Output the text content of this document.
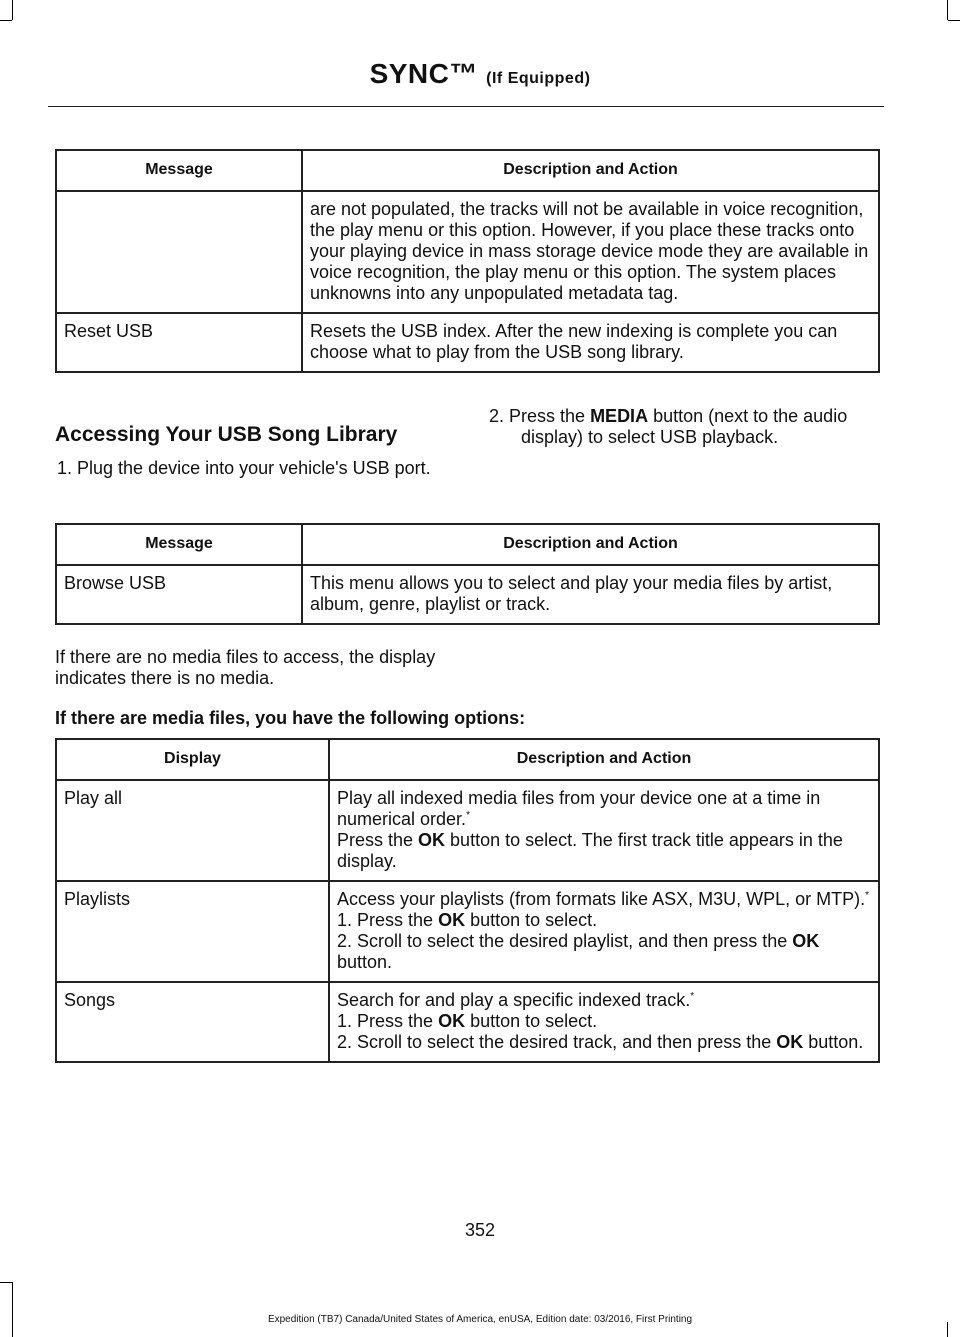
SYNC™ (If Equipped)
Message	Description and Action
	are not populated, the tracks will not be available in voice recognition, the play menu or this option. However, if you place these tracks onto your playing device in mass storage device mode they are available in voice recognition, the play menu or this option. The system places unknowns into any unpopulated metadata tag.
Reset USB	Resets the USB index. After the new indexing is complete you can choose what to play from the USB song library.
Accessing Your USB Song Library
1. Plug the device into your vehicle's USB port.
2. Press the MEDIA button (next to the audio display) to select USB playback.
Message	Description and Action
Browse USB	This menu allows you to select and play your media files by artist, album, genre, playlist or track.
If there are no media files to access, the display indicates there is no media.
If there are media files, you have the following options:
Display	Description and Action
Play all	Play all indexed media files from your device one at a time in numerical order.*
Press the OK button to select. The first track title appears in the display.

Playlists	Access your playlists (from formats like ASX, M3U, WPL, or MTP).*
1. Press the OK button to select.
2. Scroll to select the desired playlist, and then press the OK button.

Songs	Search for and play a specific indexed track.*
1. Press the OK button to select.
2. Scroll to select the desired track, and then press the OK button.
352
Expedition (TB7) Canada/United States of America, enUSA, Edition date: 03/2016, First Printing
